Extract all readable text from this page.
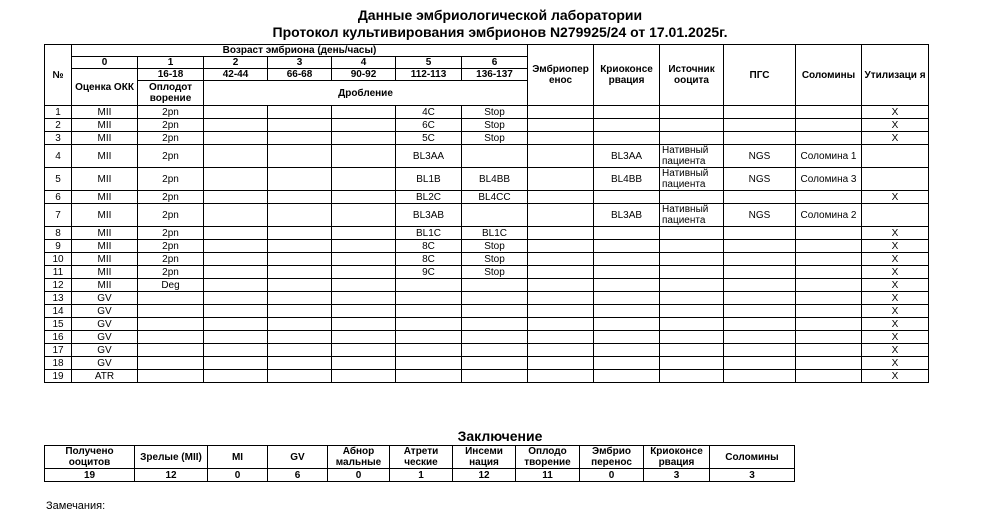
Данные эмбриологической лаборатории
Протокол культивирования эмбрионов N279925/24 от 17.01.2025г.
№	Возраст эмбриона (день/часы)							Эмбриопер енос	Криоконсе рвация	Источник ооцита	ПГС	Соломины	Утилизаци я
	0	1	2	3	4	5	6						
	Оценка ОКК	16-18	42-44	66-68	90-92	112-113	136-137						
		Оплодот ворение	Дробление										
1	MII	2pn				4C	Stop						X
2	MII	2pn				6C	Stop						X
3	MII	2pn				5C	Stop						X
4	MII	2pn				BL3AA			BL3AA	Нативный пациента	NGS	Соломина 1	
5	MII	2pn				BL1B	BL4BB		BL4BB	Нативный пациента	NGS	Соломина 3	
6	MII	2pn				BL2C	BL4CC						X
7	MII	2pn				BL3AB			BL3AB	Нативный пациента	NGS	Соломина 2	
8	MII	2pn				BL1C	BL1C						X
9	MII	2pn				8C	Stop						X
10	MII	2pn				8C	Stop						X
11	MII	2pn				9C	Stop						X
12	MII	Deg											X
13	GV												X
14	GV												X
15	GV												X
16	GV												X
17	GV												X
18	GV												X
19	ATR												X
Заключение
Получено ооцитов	Зрелые (MII)	MI	GV	Абнор мальные	Атрети ческие	Инсеми нация	Оплодо творение	Эмбрио перенос	Криоконсе рвация	Соломины
19	12	0	6	0	1	12	11	0	3	3
Замечания:
